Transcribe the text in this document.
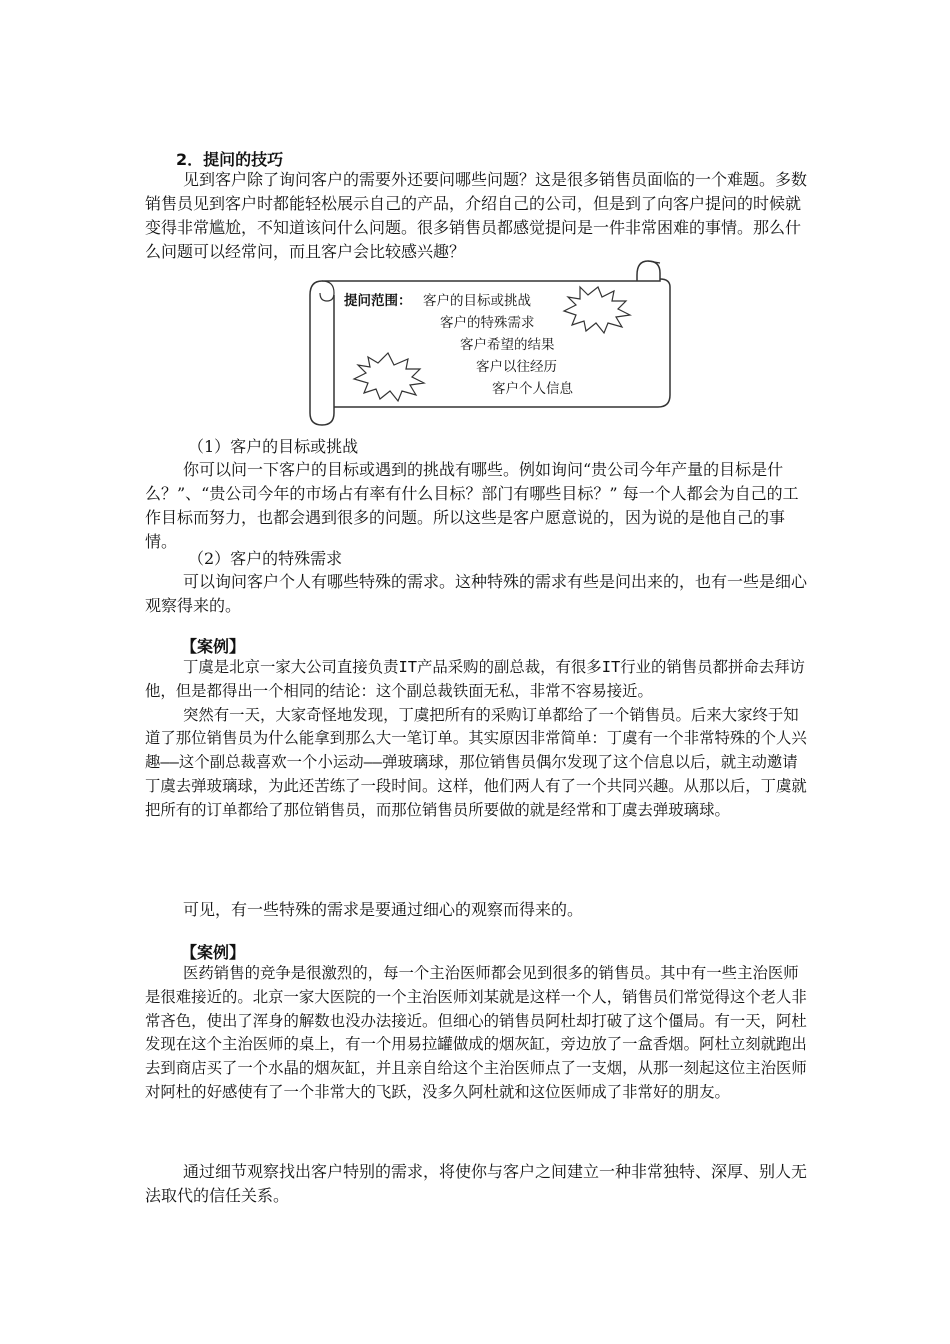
2．提问的技巧

见到客户除了询问客户的需要外还要问哪些问题？这是很多销售员面临的一个难题。多数销售员见到客户时都能轻松展示自己的产品，介绍自己的公司，但是到了向客户提问的时候就变得非常尴尬，不知道该问什么问题。很多销售员都感觉提问是一件非常困难的事情。那么什么问题可以经常问，而且客户会比较感兴趣？

提问范围： 客户的目标或挑战
客户的特殊需求
客户希望的结果
客户以往经历
客户个人信息
（1）客户的目标或挑战

你可以问一下客户的目标或遇到的挑战有哪些。例如询问“贵公司今年产量的目标是什么？”、“贵公司今年的市场占有率有什么目标？部门有哪些目标？” 每一个人都会为自己的工作目标而努力，也都会遇到很多的问题。所以这些是客户愿意说的，因为说的是他自己的事情。

（2）客户的特殊需求

可以询问客户个人有哪些特殊的需求。这种特殊的需求有些是问出来的，也有一些是细心观察得来的。

【案例】

丁虞是北京一家大公司直接负责IT产品采购的副总裁，有很多IT行业的销售员都拼命去拜访他，但是都得出一个相同的结论：这个副总裁铁面无私，非常不容易接近。

突然有一天，大家奇怪地发现，丁虞把所有的采购订单都给了一个销售员。后来大家终于知道了那位销售员为什么能拿到那么大一笔订单。其实原因非常简单：丁虞有一个非常特殊的个人兴趣——这个副总裁喜欢一个小运动——弹玻璃球，那位销售员偶尔发现了这个信息以后，就主动邀请丁虞去弹玻璃球，为此还苦练了一段时间。这样，他们两人有了一个共同兴趣。从那以后，丁虞就把所有的订单都给了那位销售员，而那位销售员所要做的就是经常和丁虞去弹玻璃球。

可见，有一些特殊的需求是要通过细心的观察而得来的。

【案例】

医药销售的竞争是很激烈的，每一个主治医师都会见到很多的销售员。其中有一些主治医师是很难接近的。北京一家大医院的一个主治医师刘某就是这样一个人，销售员们常觉得这个老人非常吝色，使出了浑身的解数也没办法接近。但细心的销售员阿杜却打破了这个僵局。有一天，阿杜发现在这个主治医师的桌上，有一个用易拉罐做成的烟灰缸，旁边放了一盒香烟。阿杜立刻就跑出去到商店买了一个水晶的烟灰缸，并且亲自给这个主治医师点了一支烟，从那一刻起这位主治医师对阿杜的好感使有了一个非常大的飞跃，没多久阿杜就和这位医师成了非常好的朋友。

通过细节观察找出客户特别的需求，将使你与客户之间建立一种非常独特、深厚、别人无法取代的信任关系。
